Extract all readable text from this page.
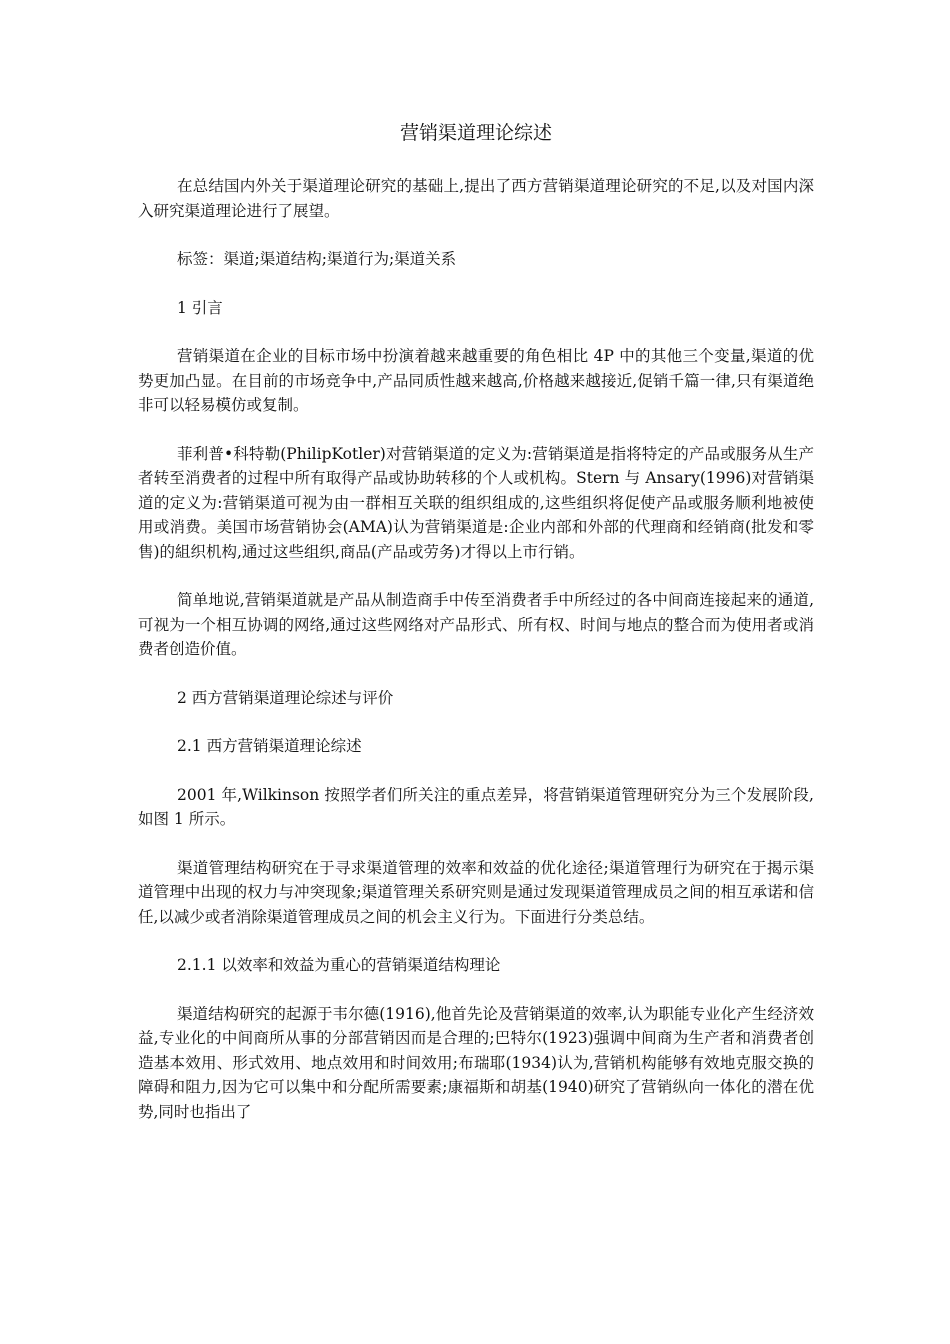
营销渠道理论综述

在总结国内外关于渠道理论研究的基础上,提出了西方营销渠道理论研究的不足,以及对国内深入研究渠道理论进行了展望。

标签：渠道;渠道结构;渠道行为;渠道关系

1 引言

营销渠道在企业的目标市场中扮演着越来越重要的角色相比 4P 中的其他三个变量,渠道的优势更加凸显。在目前的市场竞争中,产品同质性越来越高,价格越来越接近,促销千篇一律,只有渠道绝非可以轻易模仿或复制。

菲利普•科特勒(PhilipKotler)对营销渠道的定义为:营销渠道是指将特定的产品或服务从生产者转至消费者的过程中所有取得产品或协助转移的个人或机构。Stern 与 Ansary(1996)对营销渠道的定义为:营销渠道可视为由一群相互关联的组织组成的,这些组织将促使产品或服务顺利地被使用或消费。美国市场营销协会(AMA)认为营销渠道是:企业内部和外部的代理商和经销商(批发和零售)的組织机构,通过这些组织,商品(产品或劳务)才得以上市行销。

简单地说,营销渠道就是产品从制造商手中传至消费者手中所经过的各中间商连接起来的通道,可视为一个相互协调的网络,通过这些网络对产品形式、所有权、时间与地点的整合而为使用者或消费者创造价值。

2 西方营销渠道理论综述与评价

2.1 西方营销渠道理论综述

2001 年,Wilkinson 按照学者们所关注的重点差异，将营销渠道管理研究分为三个发展阶段,如图 1 所示。

渠道管理结构研究在于寻求渠道管理的效率和效益的优化途径;渠道管理行为研究在于揭示渠道管理中出现的权力与冲突现象;渠道管理关系研究则是通过发现渠道管理成员之间的相互承诺和信任,以减少或者消除渠道管理成员之间的机会主义行为。下面进行分类总结。

2.1.1 以效率和效益为重心的营销渠道结构理论

渠道结构研究的起源于韦尔德(1916),他首先论及营销渠道的效率,认为职能专业化产生经济效益,专业化的中间商所从事的分部营销因而是合理的;巴特尔(1923)强调中间商为生产者和消费者创造基本效用、形式效用、地点效用和时间效用;布瑞耶(1934)认为,营销机构能够有效地克服交换的障碍和阻力,因为它可以集中和分配所需要素;康福斯和胡基(1940)研究了营销纵向一体化的潜在优势,同时也指出了
